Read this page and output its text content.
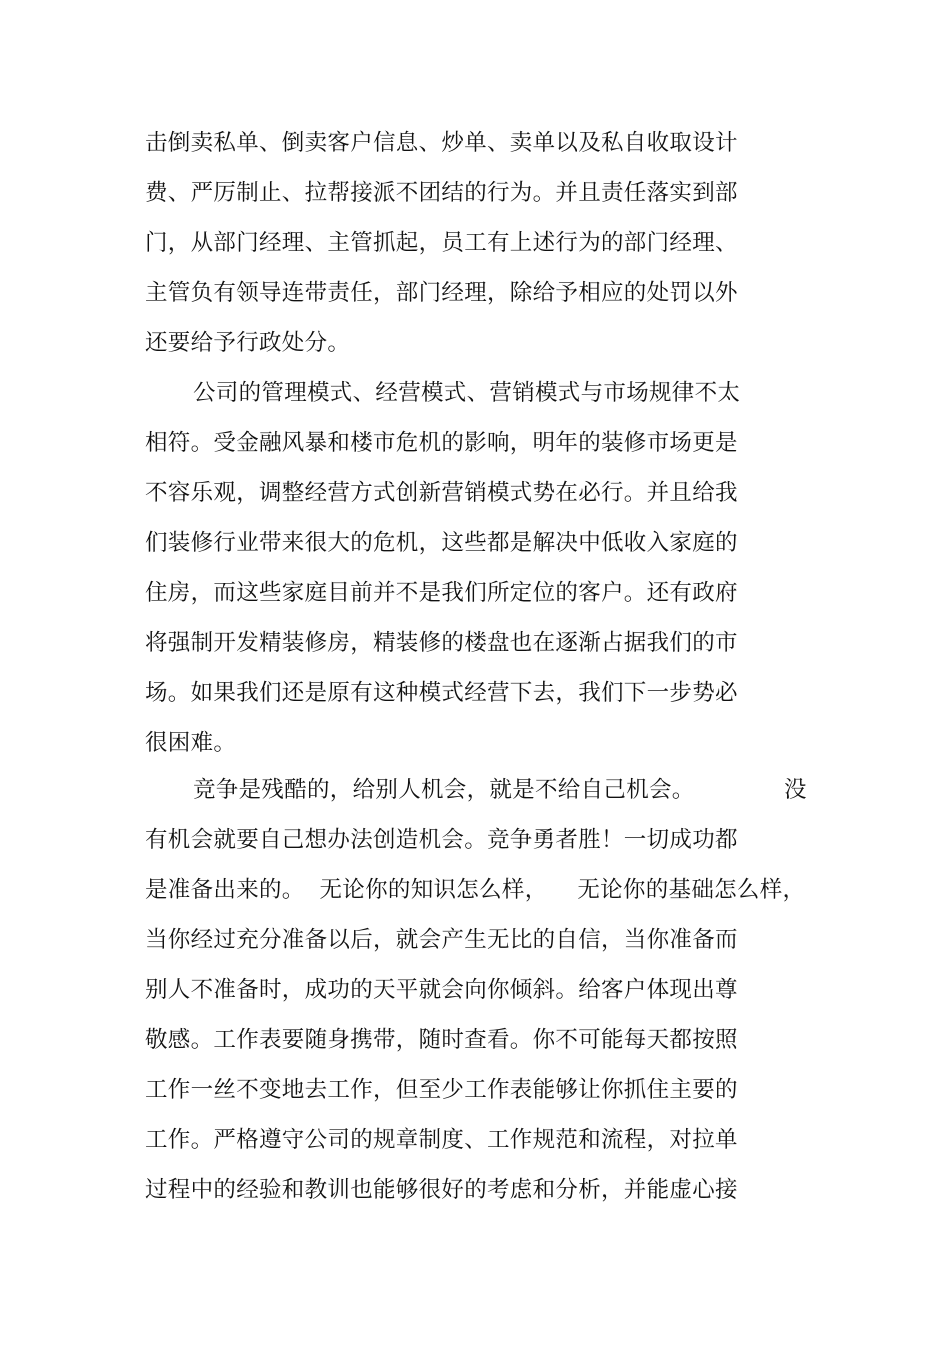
击倒卖私单、倒卖客户信息、炒单、卖单以及私自收取设计
费、严厉制止、拉帮接派不团结的行为。并且责任落实到部
门，从部门经理、主管抓起，员工有上述行为的部门经理、
主管负有领导连带责任，部门经理，除给予相应的处罚以外
还要给予行政处分。
公司的管理模式、经营模式、营销模式与市场规律不太
相符。受金融风暴和楼市危机的影响，明年的装修市场更是
不容乐观，调整经营方式创新营销模式势在必行。并且给我
们装修行业带来很大的危机，这些都是解决中低收入家庭的
住房，而这些家庭目前并不是我们所定位的客户。还有政府
将强制开发精装修房，精装修的楼盘也在逐渐占据我们的市
场。如果我们还是原有这种模式经营下去，我们下一步势必
很困难。
竞争是残酷的，给别人机会，就是不给自己机会。            没
有机会就要自己想办法创造机会。竞争勇者胜！一切成功都
是准备出来的。  无论你的知识怎么样，    无论你的基础怎么样，
当你经过充分准备以后，就会产生无比的自信，当你准备而
别人不准备时，成功的天平就会向你倾斜。给客户体现出尊
敬感。工作表要随身携带，随时查看。你不可能每天都按照
工作一丝不变地去工作，但至少工作表能够让你抓住主要的
工作。严格遵守公司的规章制度、工作规范和流程，对拉单
过程中的经验和教训也能够很好的考虑和分析，并能虚心接
